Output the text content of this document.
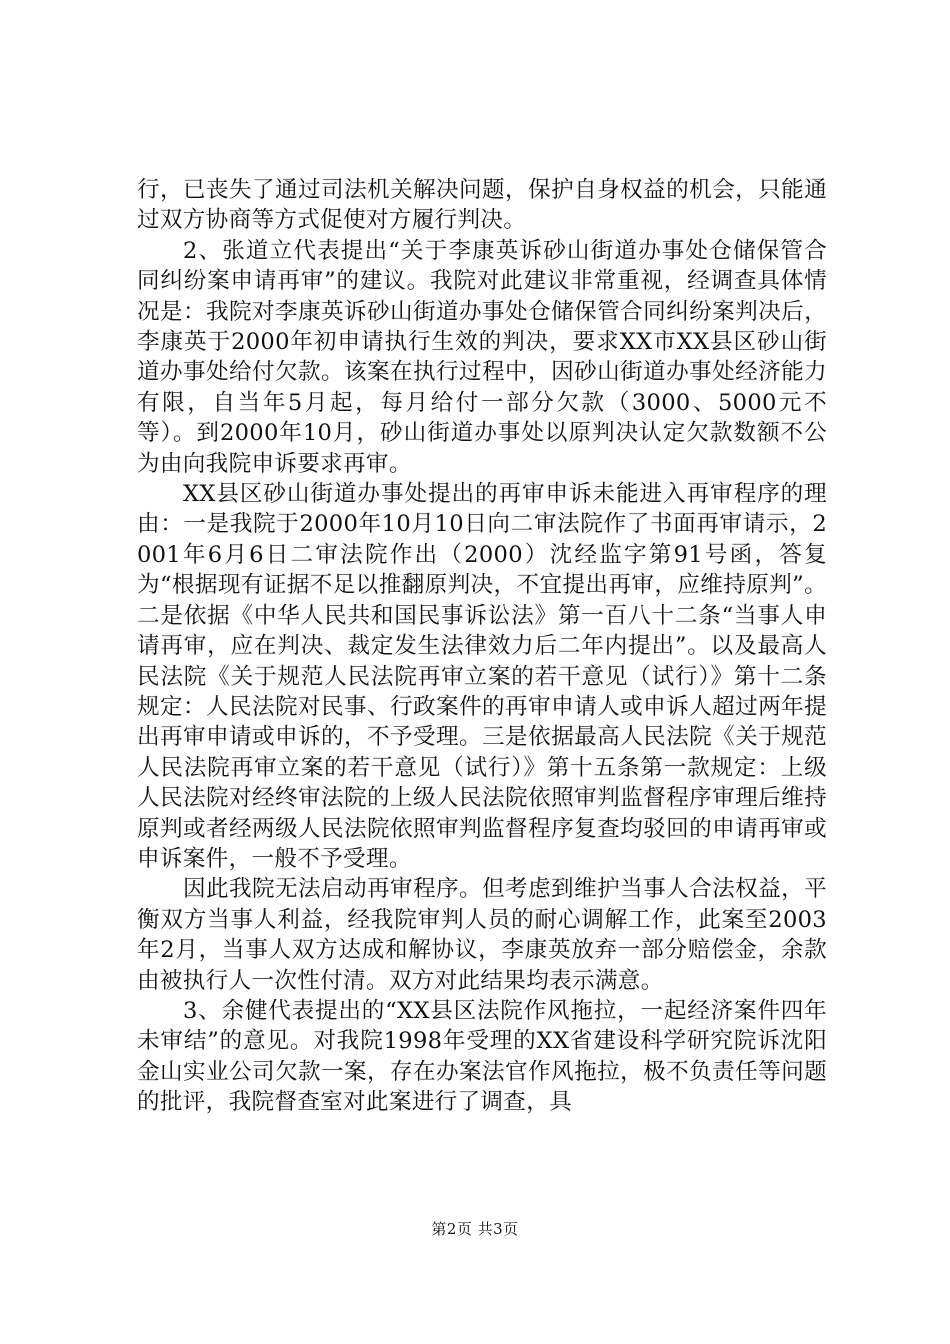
行，已丧失了通过司法机关解决问题，保护自身权益的机会，只能通过双方协商等方式促使对方履行判决。

2、张道立代表提出“关于李康英诉砂山街道办事处仓储保管合同纠纷案申请再审”的建议。我院对此建议非常重视，经调查具体情况是：我院对李康英诉砂山街道办事处仓储保管合同纠纷案判决后，李康英于2000年初申请执行生效的判决，要求XX市XX县区砂山街道办事处给付欠款。该案在执行过程中，因砂山街道办事处经济能力有限，自当年5月起，每月给付一部分欠款（3000、5000元不等）。到2000年10月，砂山街道办事处以原判决认定欠款数额不公为由向我院申诉要求再审。

XX县区砂山街道办事处提出的再审申诉未能进入再审程序的理由：一是我院于2000年10月10日向二审法院作了书面再审请示，2001年6月6日二审法院作出（2000）沈经监字第91号函，答复为“根据现有证据不足以推翻原判决，不宜提出再审，应维持原判”。二是依据《中华人民共和国民事诉讼法》第一百八十二条“当事人申请再审，应在判决、裁定发生法律效力后二年内提出”。以及最高人民法院《关于规范人民法院再审立案的若干意见（试行）》第十二条规定：人民法院对民事、行政案件的再审申请人或申诉人超过两年提出再审申请或申诉的，不予受理。三是依据最高人民法院《关于规范人民法院再审立案的若干意见（试行）》第十五条第一款规定：上级人民法院对经终审法院的上级人民法院依照审判监督程序审理后维持原判或者经两级人民法院依照审判监督程序复查均驳回的申请再审或申诉案件，一般不予受理。

因此我院无法启动再审程序。但考虑到维护当事人合法权益，平衡双方当事人利益，经我院审判人员的耐心调解工作，此案至2003年2月，当事人双方达成和解协议，李康英放弃一部分赔偿金，余款由被执行人一次性付清。双方对此结果均表示满意。

3、余健代表提出的“XX县区法院作风拖拉，一起经济案件四年未审结”的意见。对我院1998年受理的XX省建设科学研究院诉沈阳金山实业公司欠款一案，存在办案法官作风拖拉，极不负责任等问题的批评，我院督查室对此案进行了调查，具

第2页 共3页
